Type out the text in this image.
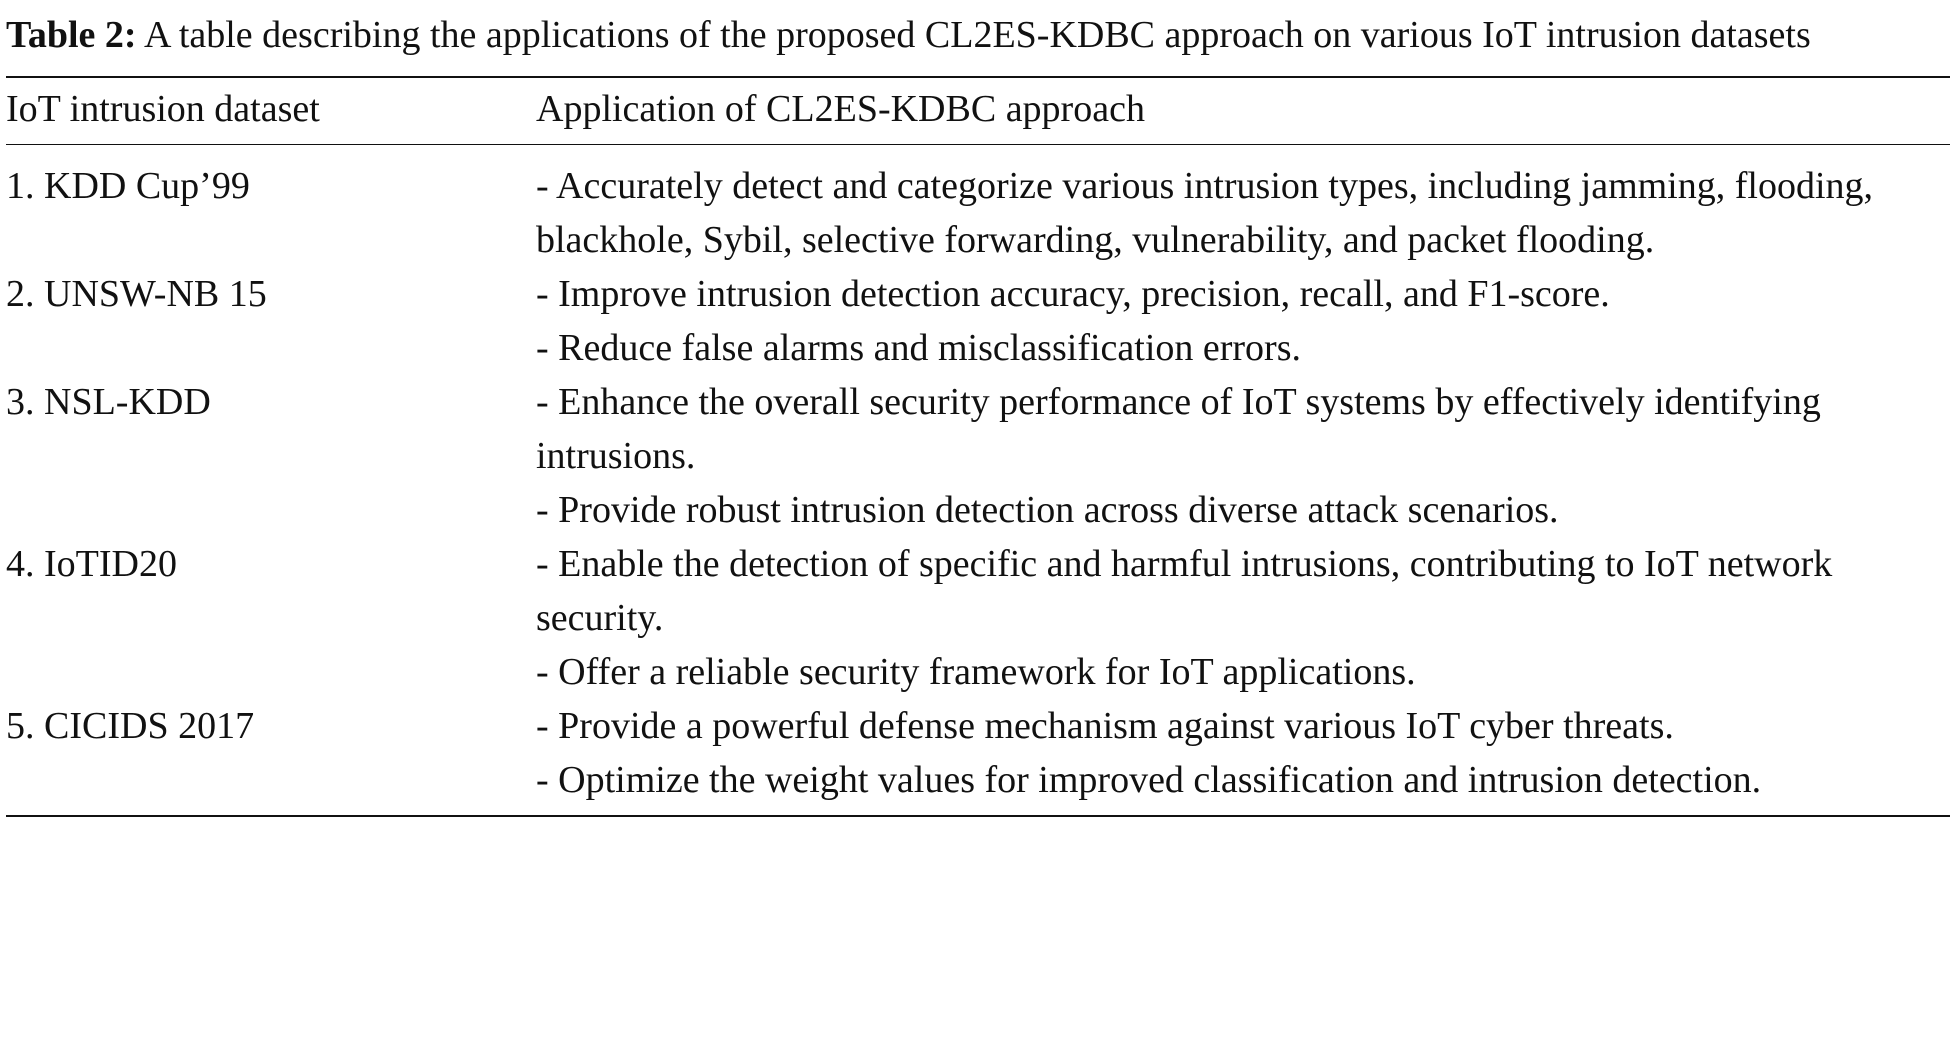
Table 2: A table describing the applications of the proposed CL2ES-KDBC approach on various IoT intrusion datasets
IoT intrusion dataset	Application of CL2ES-KDBC approach
1. KDD Cup’99	- Accurately detect and categorize various intrusion types, including jamming, flooding, blackhole, Sybil, selective forwarding, vulnerability, and packet flooding.

2. UNSW-NB 15	- Improve intrusion detection accuracy, precision, recall, and F1-score.
- Reduce false alarms and misclassification errors.

3. NSL-KDD	- Enhance the overall security performance of IoT systems by effectively identifying intrusions.
- Provide robust intrusion detection across diverse attack scenarios.

4. IoTID20	- Enable the detection of specific and harmful intrusions, contributing to IoT network security.
- Offer a reliable security framework for IoT applications.

5. CICIDS 2017	- Provide a powerful defense mechanism against various IoT cyber threats.
- Optimize the weight values for improved classification and intrusion detection.
